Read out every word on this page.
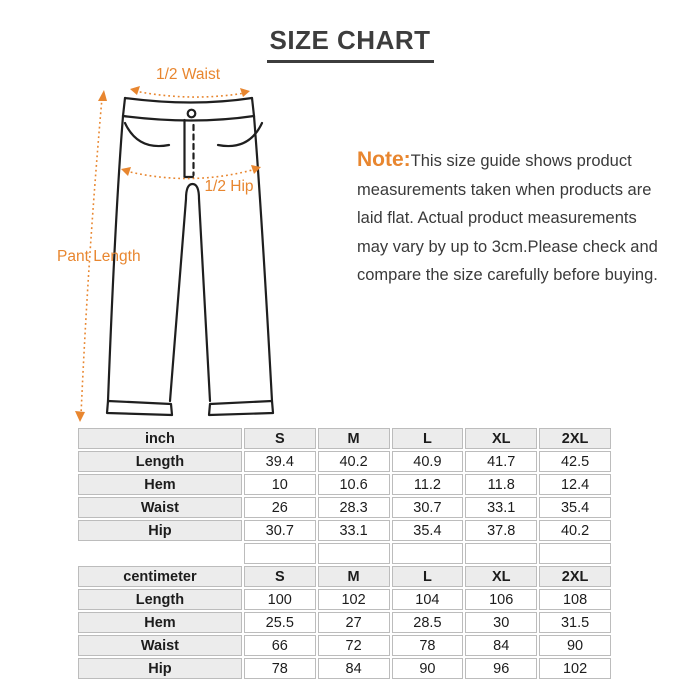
SIZE CHART
1/2 Waist
1/2 Hip
Pant Length
Note:This size guide shows product
measurements taken when products are
laid flat. Actual product measurements
may vary by up to 3cm.Please check and
compare the size carefully before buying.
inch	S	M	L	XL	2XL
Length	39.4	40.2	40.9	41.7	42.5
Hem	10	10.6	11.2	11.8	12.4
Waist	26	28.3	30.7	33.1	35.4
Hip	30.7	33.1	35.4	37.8	40.2

centimeter	S	M	L	XL	2XL
Length	100	102	104	106	108
Hem	25.5	27	28.5	30	31.5
Waist	66	72	78	84	90
Hip	78	84	90	96	102
